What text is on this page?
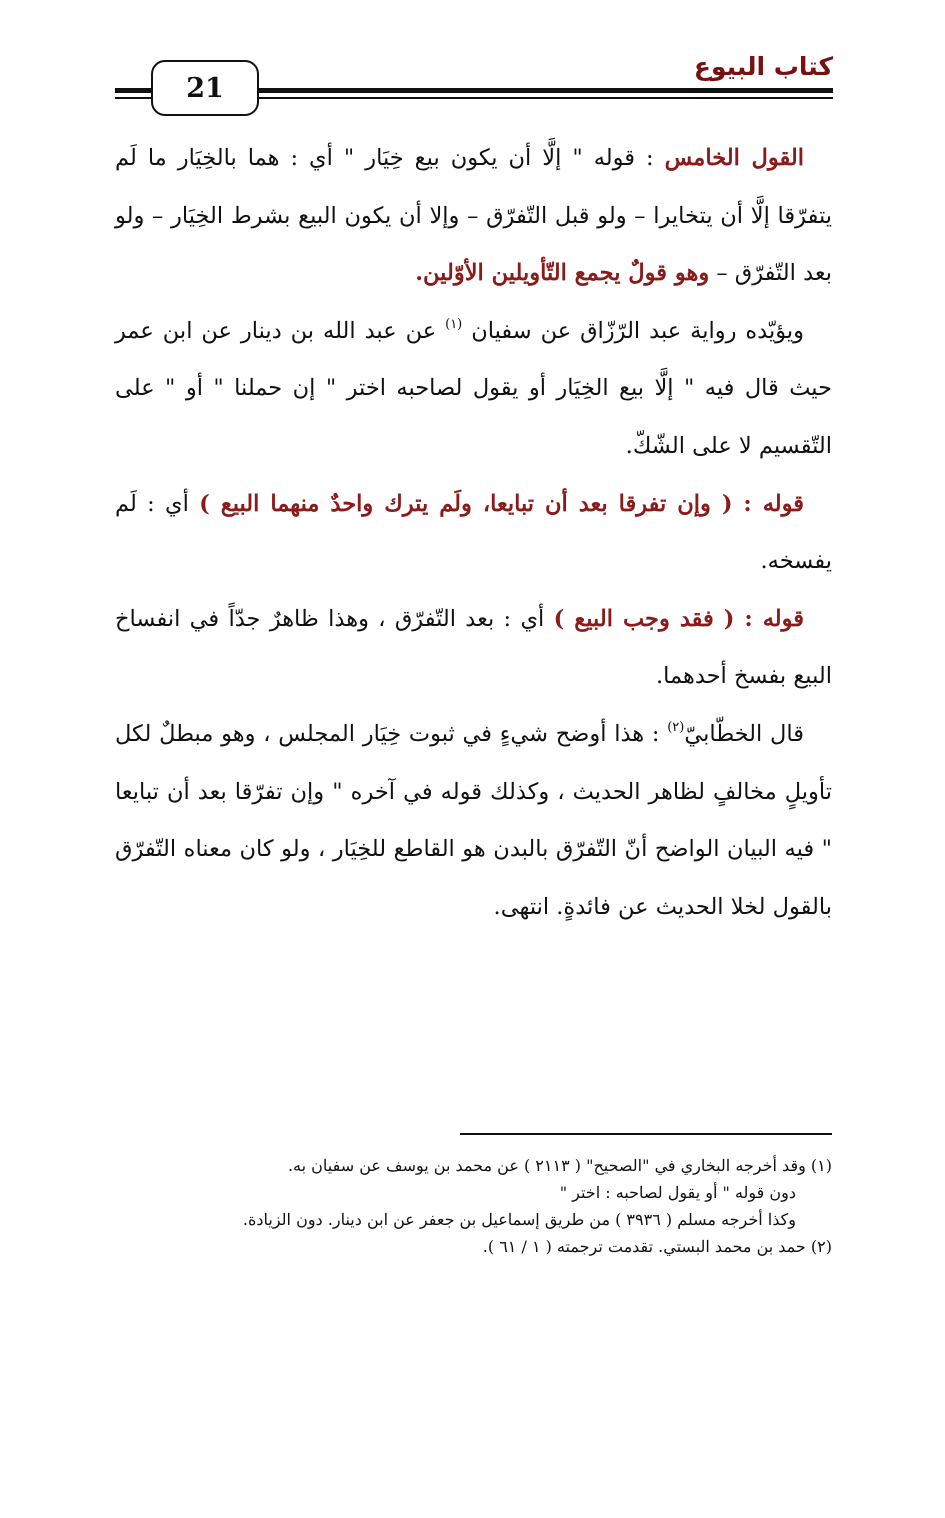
21
كتاب البيوع

القول الخامس : قوله " إلَّا أن يكون بيع خِيَار " أي : هما بالخِيَار ما لَم يتفرّقا إلَّا أن يتخايرا – ولو قبل التّفرّق – وإلا أن يكون البيع بشرط الخِيَار – ولو بعد التّفرّق – وهو قولٌ يجمع التّأويلين الأوّلين.

ويؤيّده رواية عبد الرّزّاق عن سفيان $^{(١)}$ عن عبد الله بن دينار عن ابن عمر حيث قال فيه " إلَّا بيع الخِيَار أو يقول لصاحبه اختر " إن حملنا " أو " على التّقسيم لا على الشّكّ.

قوله : ( وإن تفرقا بعد أن تبايعا، ولَم يترك واحدٌ منهما البيع ) أي : لَم يفسخه.

قوله : ( فقد وجب البيع ) أي : بعد التّفرّق ، وهذا ظاهرٌ جدّاً في انفساخ البيع بفسخ أحدهما.

قال الخطّابيّ$^{(٢)}$ : هذا أوضح شيءٍ في ثبوت خِيَار المجلس ، وهو مبطلٌ لكل تأويلٍ مخالفٍ لظاهر الحديث ، وكذلك قوله في آخره " وإن تفرّقا بعد أن تبايعا " فيه البيان الواضح أنّ التّفرّق بالبدن هو القاطع للخِيَار ، ولو كان معناه التّفرّق بالقول لخلا الحديث عن فائدةٍ. انتهى.

(١) وقد أخرجه البخاري في "الصحيح" ( ٢١١٣ ) عن محمد بن يوسف عن سفيان به.

دون قوله " أو يقول لصاحبه : اختر "

وكذا أخرجه مسلم ( ٣٩٣٦ ) من طريق إسماعيل بن جعفر عن ابن دينار. دون الزيادة.

(٢) حمد بن محمد البستي. تقدمت ترجمته ( ١ / ٦١ ).
